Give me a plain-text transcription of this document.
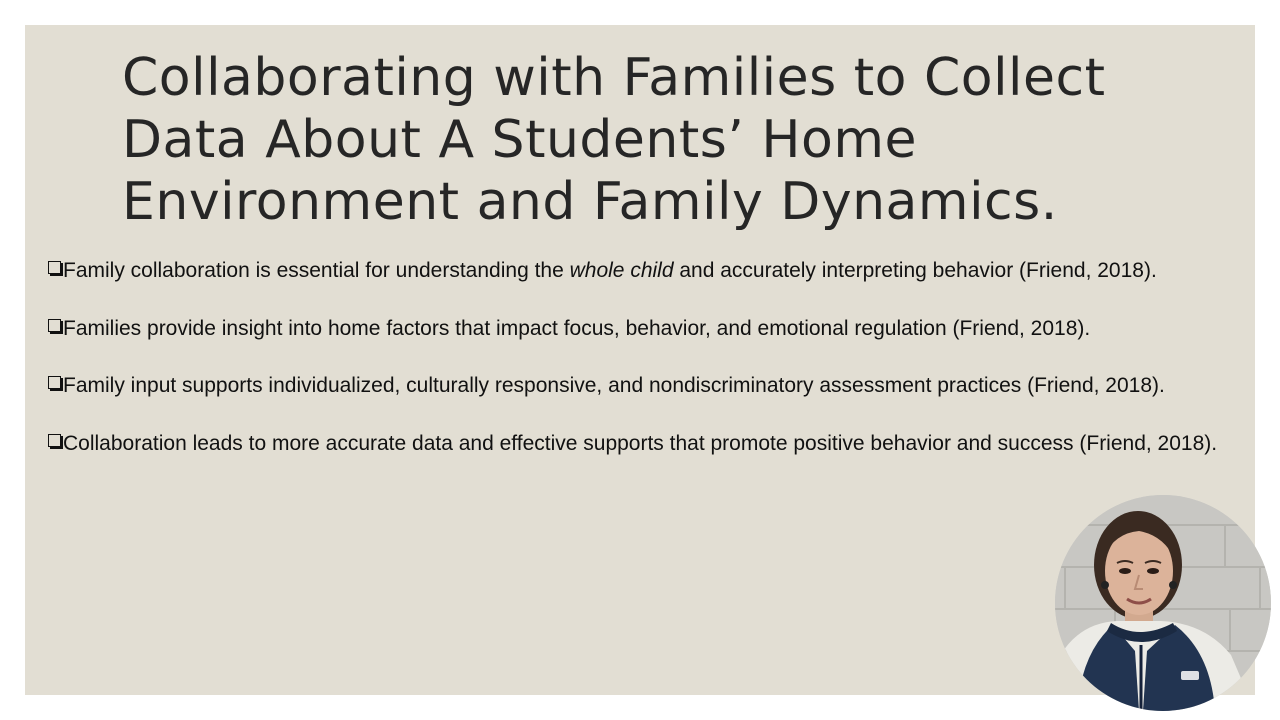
Collaborating with Families to Collect Data About A Students’ Home Environment and Family Dynamics.
Family collaboration is essential for understanding the whole child and accurately interpreting behavior (Friend, 2018).
Families provide insight into home factors that impact focus, behavior, and emotional regulation (Friend, 2018).
Family input supports individualized, culturally responsive, and nondiscriminatory assessment practices (Friend, 2018).
Collaboration leads to more accurate data and effective supports that promote positive behavior and success (Friend, 2018).
